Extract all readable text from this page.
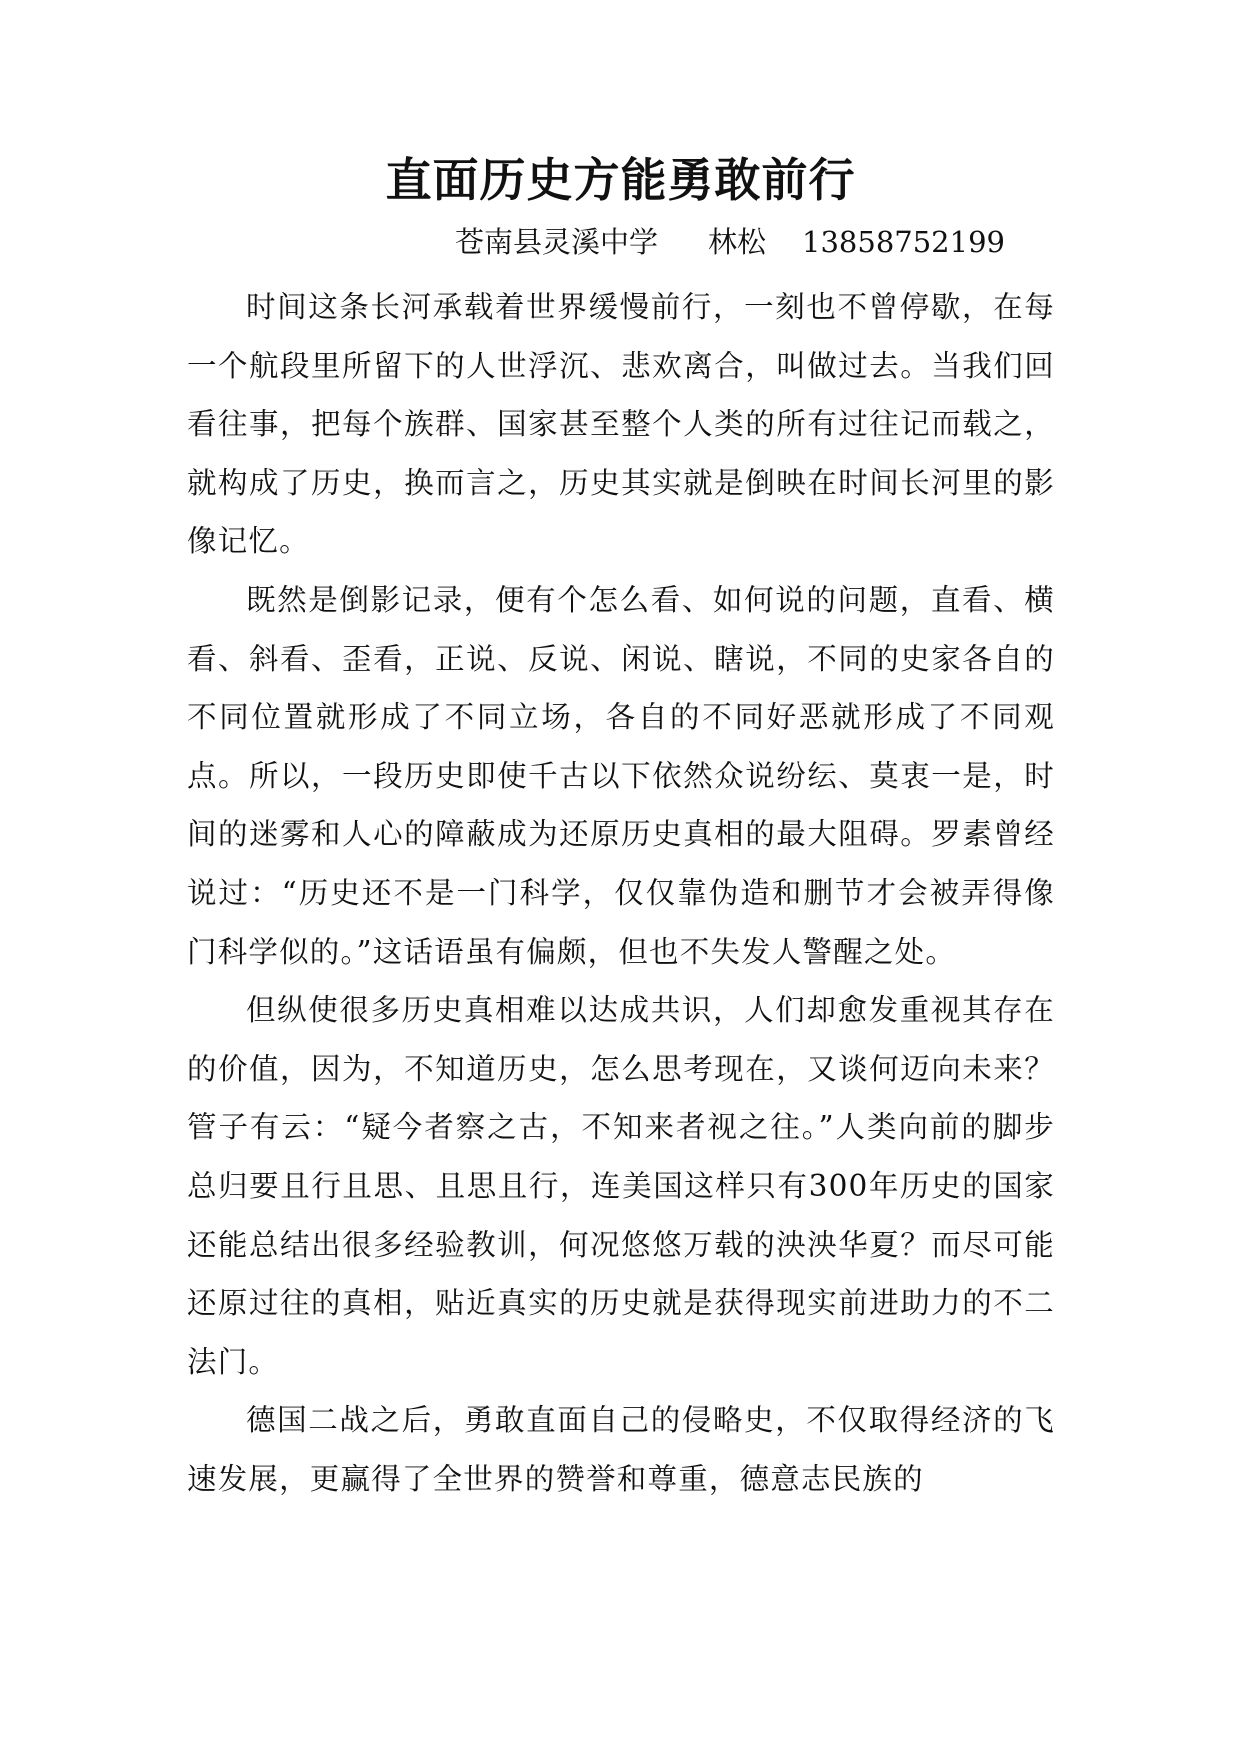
直面历史方能勇敢前行
苍南县灵溪中学 林松 13858752199

时间这条长河承载着世界缓慢前行，一刻也不曾停歇，在每一个航段里所留下的人世浮沉、悲欢离合，叫做过去。当我们回看往事，把每个族群、国家甚至整个人类的所有过往记而载之，就构成了历史，换而言之，历史其实就是倒映在时间长河里的影像记忆。

既然是倒影记录，便有个怎么看、如何说的问题，直看、横看、斜看、歪看，正说、反说、闲说、瞎说，不同的史家各自的不同位置就形成了不同立场，各自的不同好恶就形成了不同观点。所以，一段历史即使千古以下依然众说纷纭、莫衷一是，时间的迷雾和人心的障蔽成为还原历史真相的最大阻碍。罗素曾经说过：“历史还不是一门科学，仅仅靠伪造和删节才会被弄得像门科学似的。”这话语虽有偏颇，但也不失发人警醒之处。

但纵使很多历史真相难以达成共识，人们却愈发重视其存在的价值，因为，不知道历史，怎么思考现在，又谈何迈向未来？管子有云：“疑今者察之古，不知来者视之往。”人类向前的脚步总归要且行且思、且思且行，连美国这样只有300年历史的国家还能总结出很多经验教训，何况悠悠万载的泱泱华夏？而尽可能还原过往的真相，贴近真实的历史就是获得现实前进助力的不二法门。

德国二战之后，勇敢直面自己的侵略史，不仅取得经济的飞速发展，更赢得了全世界的赞誉和尊重，德意志民族的
